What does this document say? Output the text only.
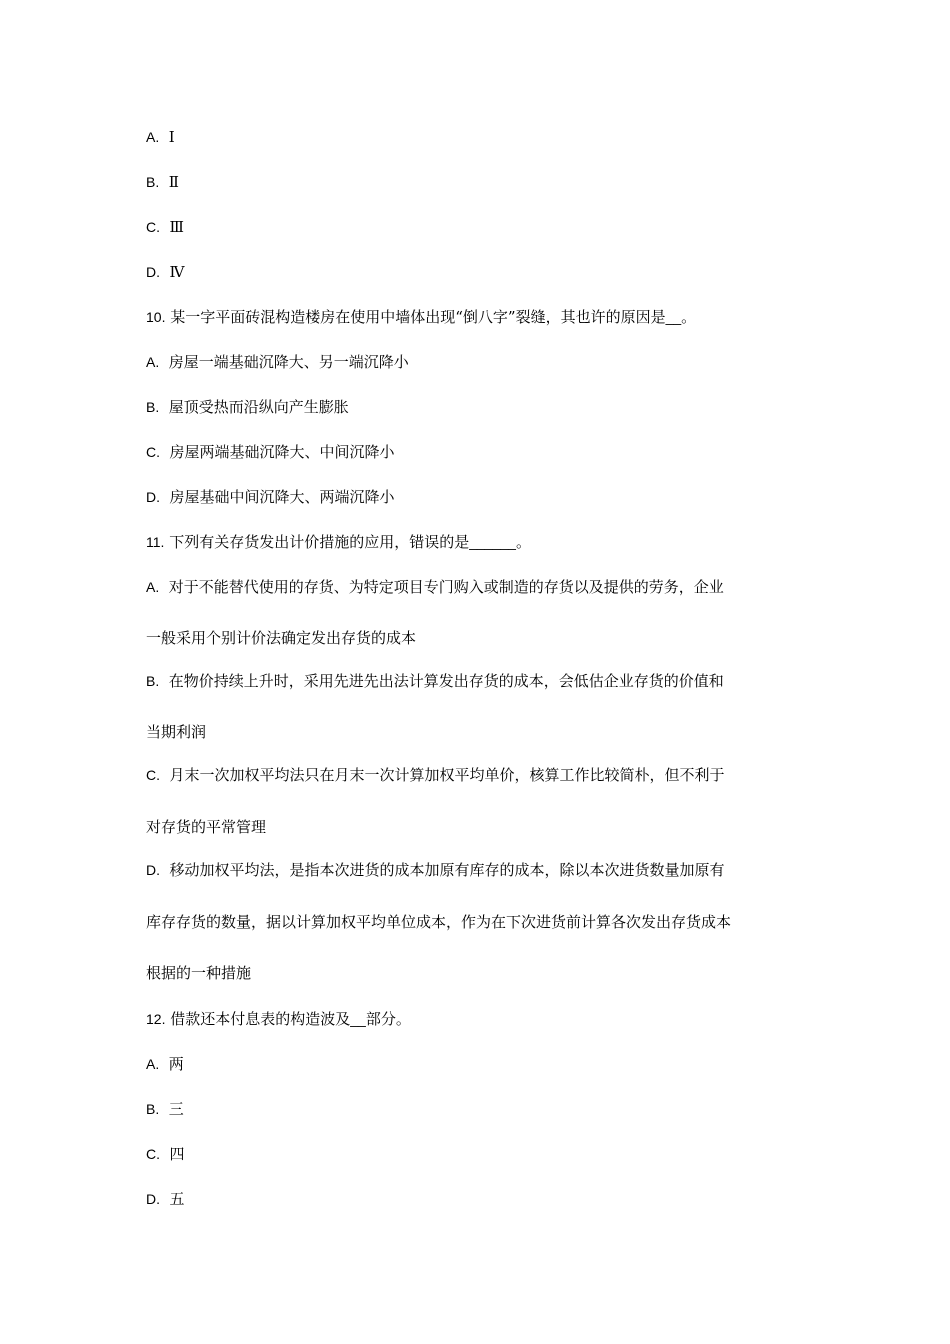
A. Ⅰ
B. Ⅱ
C. Ⅲ
D. Ⅳ
10. 某一字平面砖混构造楼房在使用中墙体出现“倒八字”裂缝，其也许的原因是__。
A. 房屋一端基础沉降大、另一端沉降小
B. 屋顶受热而沿纵向产生膨胀
C. 房屋两端基础沉降大、中间沉降小
D. 房屋基础中间沉降大、两端沉降小
11. 下列有关存货发出计价措施的应用，错误的是______。
A. 对于不能替代使用的存货、为特定项目专门购入或制造的存货以及提供的劳务，企业
一般采用个别计价法确定发出存货的成本
B. 在物价持续上升时，采用先进先出法计算发出存货的成本，会低估企业存货的价值和
当期利润
C. 月末一次加权平均法只在月末一次计算加权平均单价，核算工作比较简朴，但不利于
对存货的平常管理
D. 移动加权平均法，是指本次进货的成本加原有库存的成本，除以本次进货数量加原有
库存存货的数量，据以计算加权平均单位成本，作为在下次进货前计算各次发出存货成本
根据的一种措施
12. 借款还本付息表的构造波及__部分。
A. 两
B. 三
C. 四
D. 五
